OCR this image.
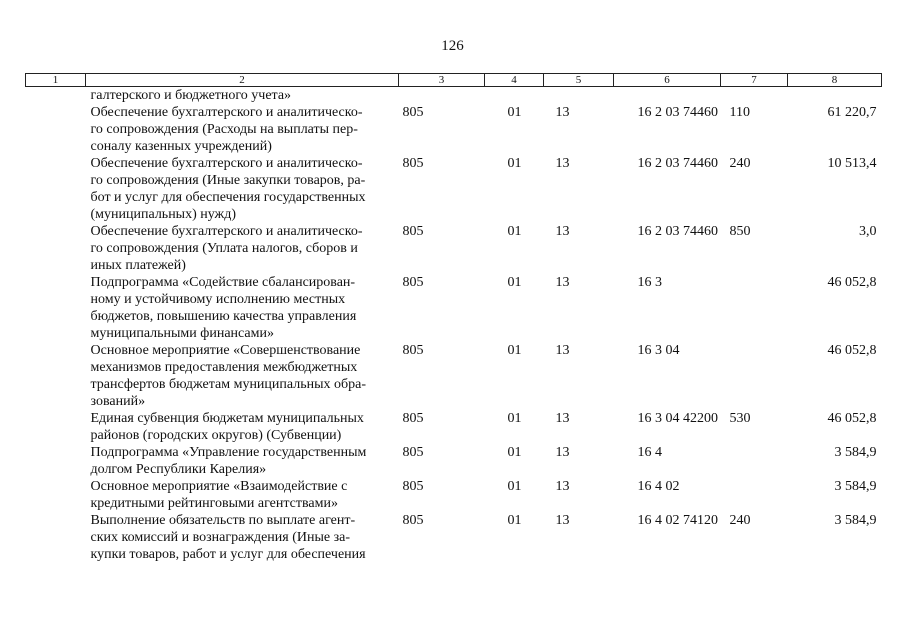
126
1	2	3	4	5	6	7	8

	галтерского и бюджетного учета»						

	Обеспечение бухгалтерского и аналитическо-
го сопровождения (Расходы на выплаты пер-
соналу казенных учреждений)	805	01	13	16 2 03 74460	110	61 220,7

	Обеспечение бухгалтерского и аналитическо-
го сопровождения (Иные закупки товаров, ра-
бот и услуг для обеспечения государственных
(муниципальных) нужд)	805	01	13	16 2 03 74460	240	10 513,4

	Обеспечение бухгалтерского и аналитическо-
го сопровождения (Уплата налогов, сборов и
иных платежей)	805	01	13	16 2 03 74460	850	3,0

	Подпрограмма «Содействие сбалансирован-
ному и устойчивому исполнению местных
бюджетов, повышению качества управления
муниципальными финансами»	805	01	13	16 3		46 052,8

	Основное мероприятие «Совершенствование
механизмов предоставления межбюджетных
трансфертов бюджетам муниципальных обра-
зований»	805	01	13	16 3 04		46 052,8

	Единая субвенция бюджетам муниципальных
районов (городских округов) (Субвенции)	805	01	13	16 3 04 42200	530	46 052,8

	Подпрограмма «Управление государственным
долгом Республики Карелия»	805	01	13	16 4		3 584,9

	Основное мероприятие «Взаимодействие с
кредитными рейтинговыми агентствами»	805	01	13	16 4 02		3 584,9

	Выполнение обязательств по выплате агент-
ских комиссий и вознаграждения (Иные за-
купки товаров, работ и услуг для обеспечения	805	01	13	16 4 02 74120	240	3 584,9
